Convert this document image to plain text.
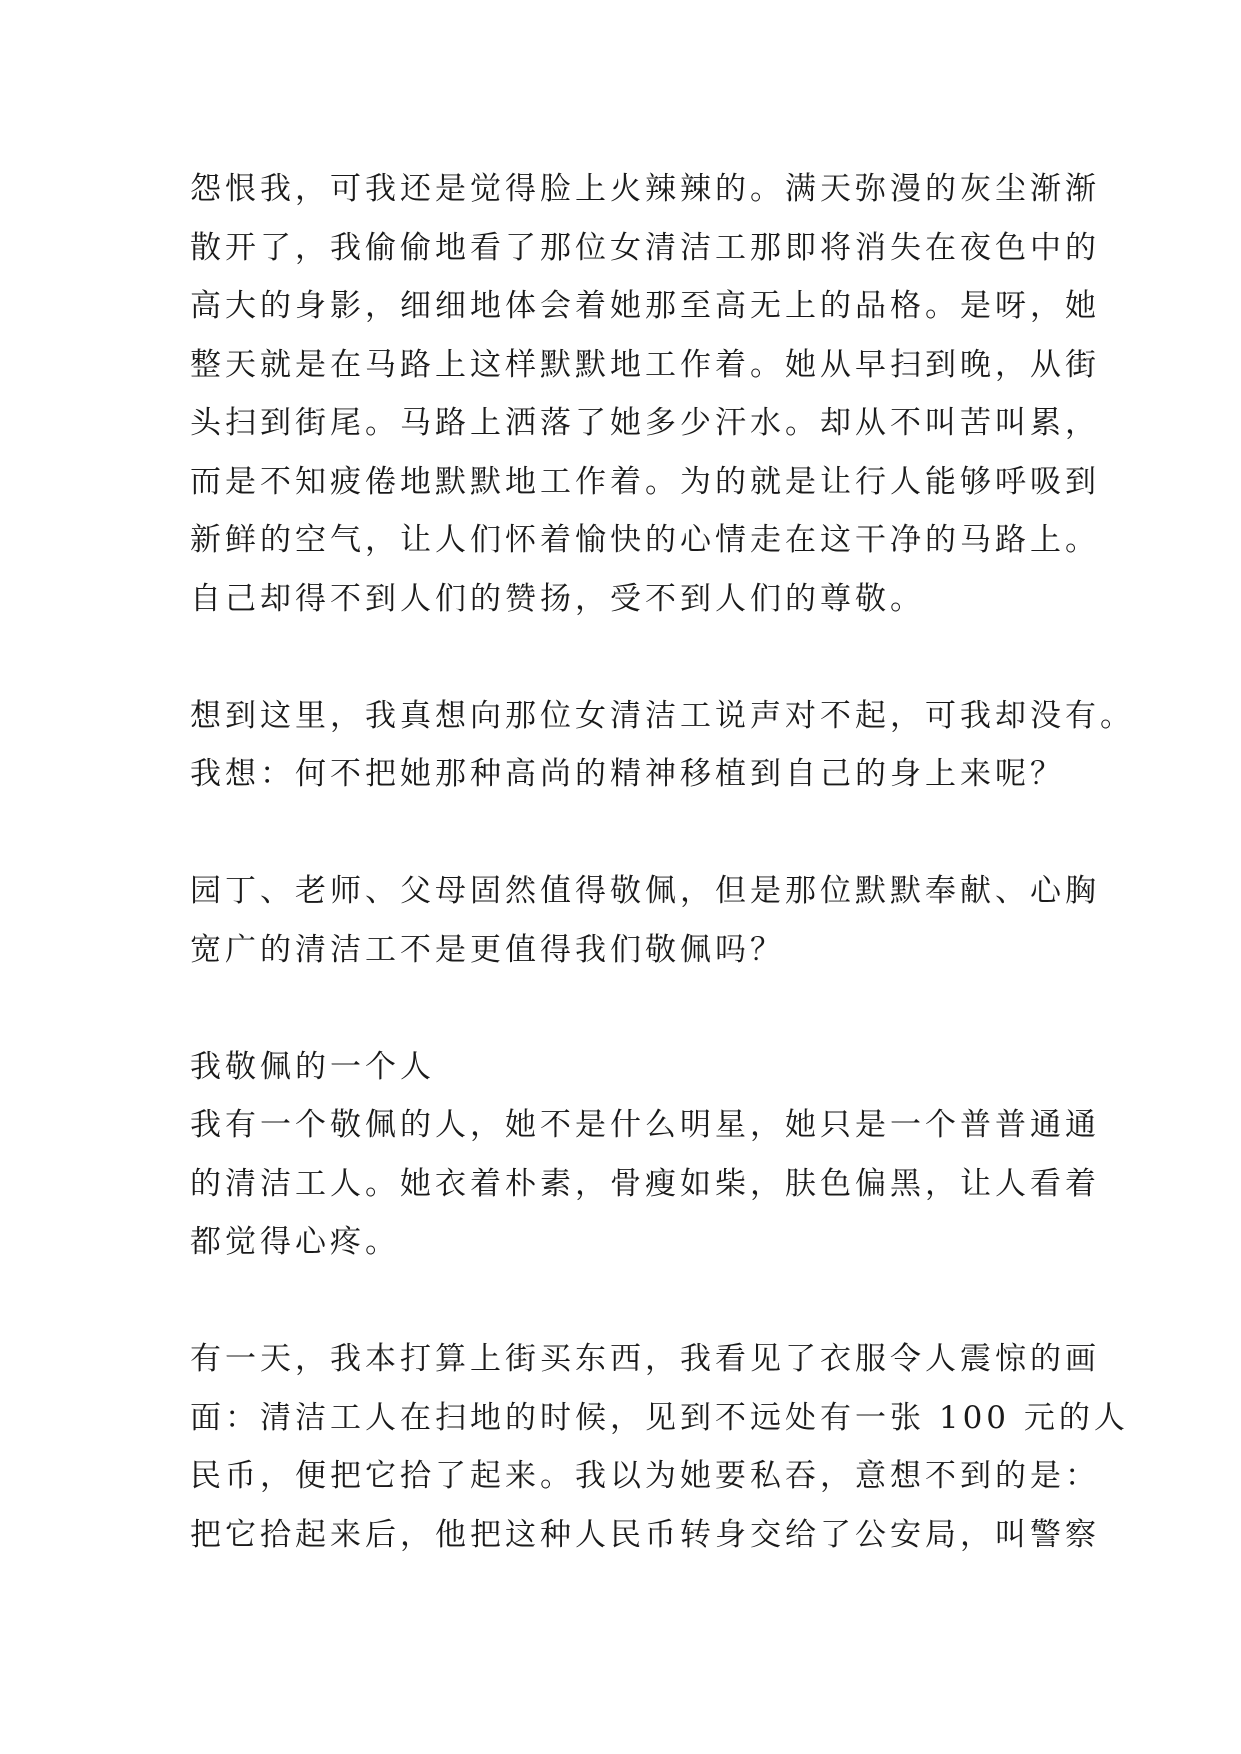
怨恨我，可我还是觉得脸上火辣辣的。满天弥漫的灰尘渐渐

散开了，我偷偷地看了那位女清洁工那即将消失在夜色中的

高大的身影，细细地体会着她那至高无上的品格。是呀，她

整天就是在马路上这样默默地工作着。她从早扫到晚，从街

头扫到街尾。马路上洒落了她多少汗水。却从不叫苦叫累，

而是不知疲倦地默默地工作着。为的就是让行人能够呼吸到

新鲜的空气，让人们怀着愉快的心情走在这干净的马路上。

自己却得不到人们的赞扬，受不到人们的尊敬。

想到这里，我真想向那位女清洁工说声对不起，可我却没有。

我想：何不把她那种高尚的精神移植到自己的身上来呢？

园丁、老师、父母固然值得敬佩，但是那位默默奉献、心胸

宽广的清洁工不是更值得我们敬佩吗？

我敬佩的一个人

我有一个敬佩的人，她不是什么明星，她只是一个普普通通

的清洁工人。她衣着朴素，骨瘦如柴，肤色偏黑，让人看着

都觉得心疼。

有一天，我本打算上街买东西，我看见了衣服令人震惊的画

面：清洁工人在扫地的时候，见到不远处有一张 100 元的人

民币，便把它拾了起来。我以为她要私吞，意想不到的是：

把它拾起来后，他把这种人民币转身交给了公安局，叫警察
